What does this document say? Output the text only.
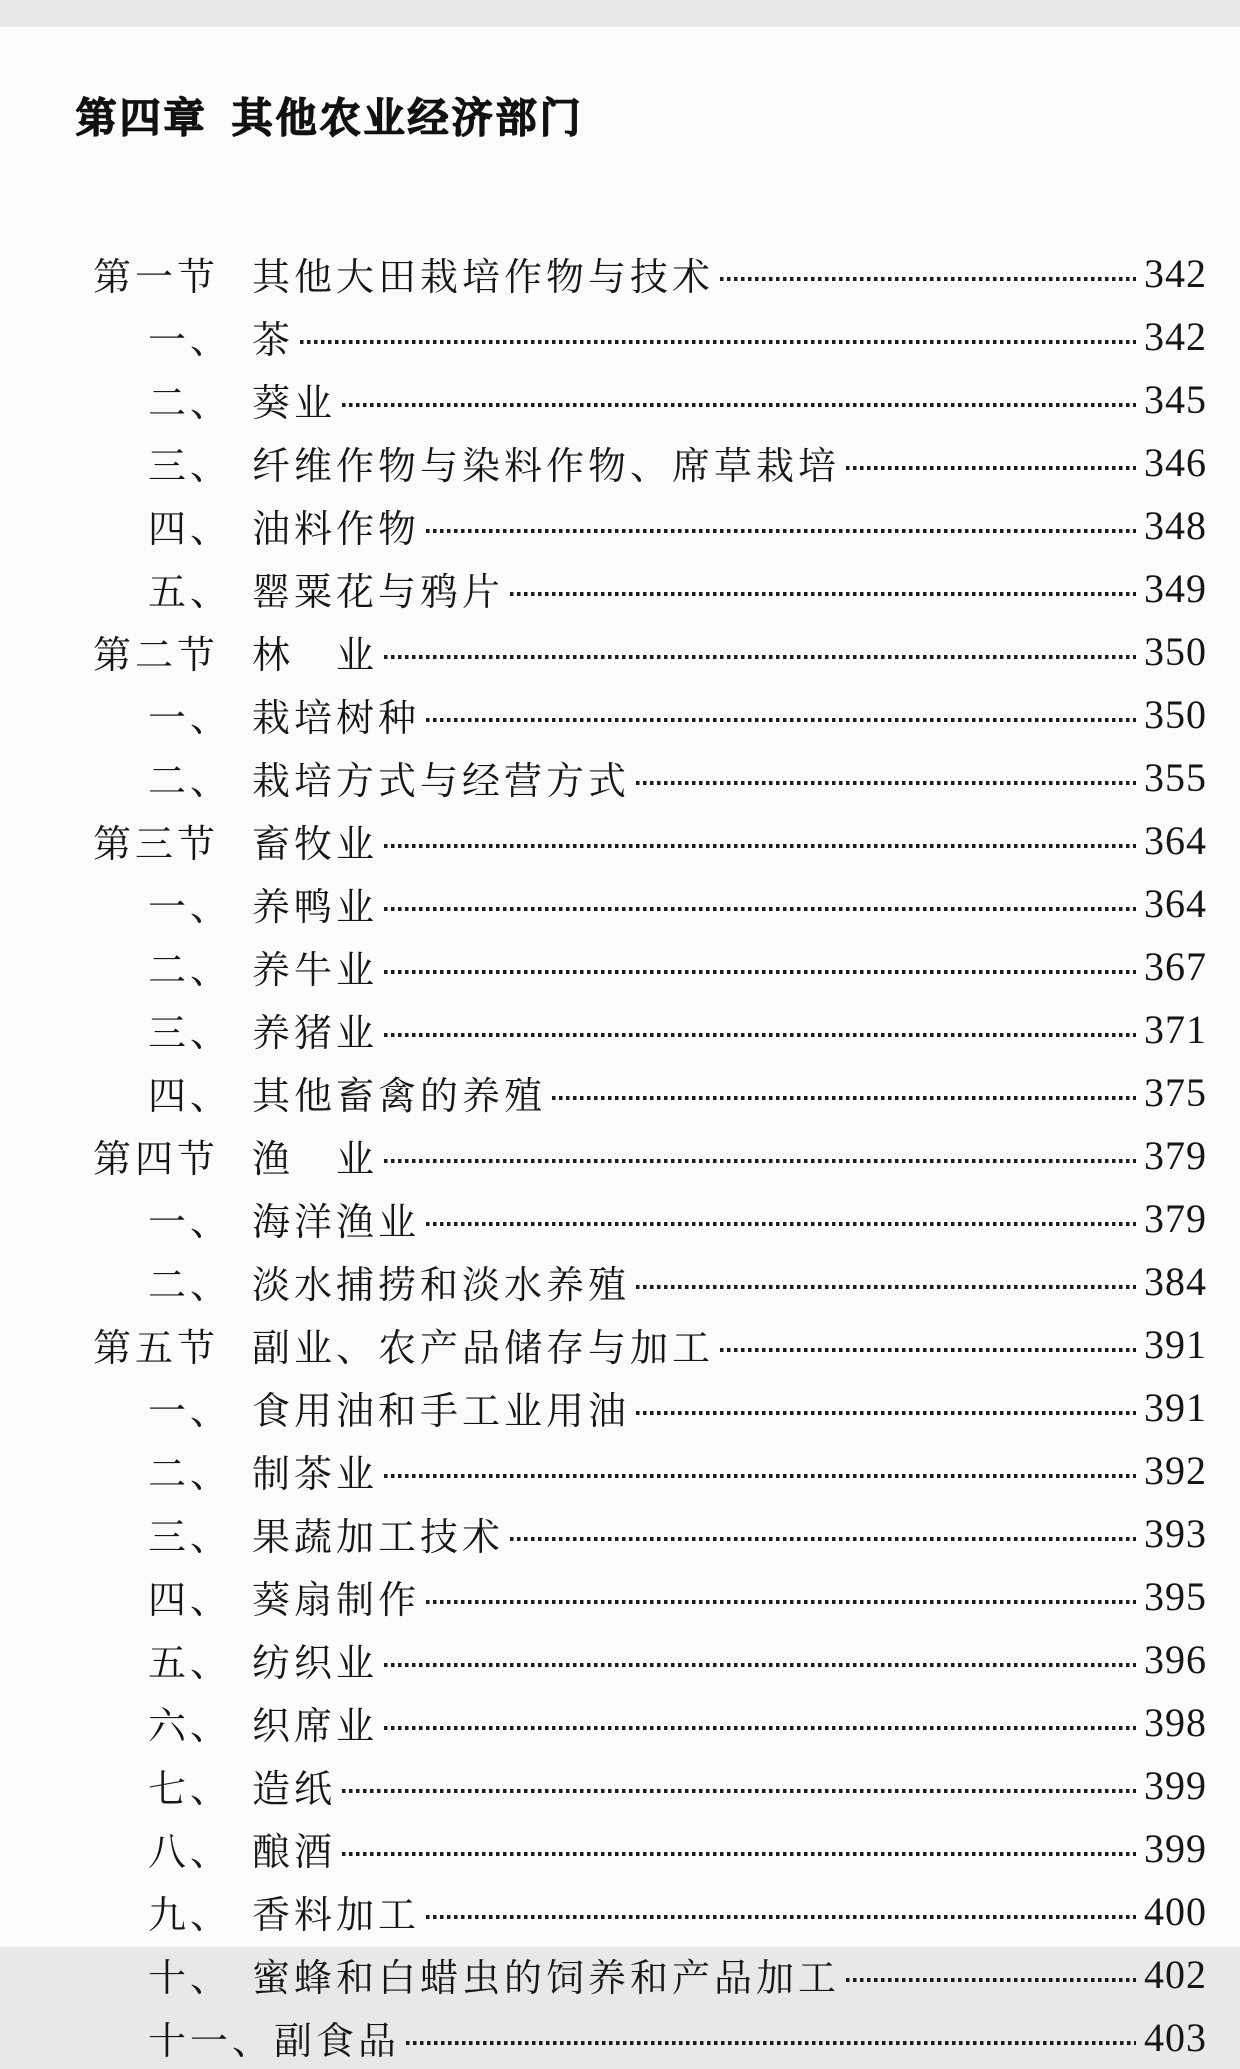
第四章 其他农业经济部门

第一节 其他大田栽培作物与技术	342
一、 茶	342
二、 葵业	345
三、 纤维作物与染料作物、席草栽培	346
四、 油料作物	348
五、 罂粟花与鸦片	349
第二节 林　业	350
一、 栽培树种	350
二、 栽培方式与经营方式	355
第三节 畜牧业	364
一、 养鸭业	364
二、 养牛业	367
三、 养猪业	371
四、 其他畜禽的养殖	375
第四节 渔　业	379
一、 海洋渔业	379
二、 淡水捕捞和淡水养殖	384
第五节 副业、农产品储存与加工	391
一、 食用油和手工业用油	391
二、 制茶业	392
三、 果蔬加工技术	393
四、 葵扇制作	395
五、 纺织业	396
六、 织席业	398
七、 造纸	399
八、 酿酒	399
九、 香料加工	400
十、 蜜蜂和白蜡虫的饲养和产品加工	402
十一、 副食品	403
